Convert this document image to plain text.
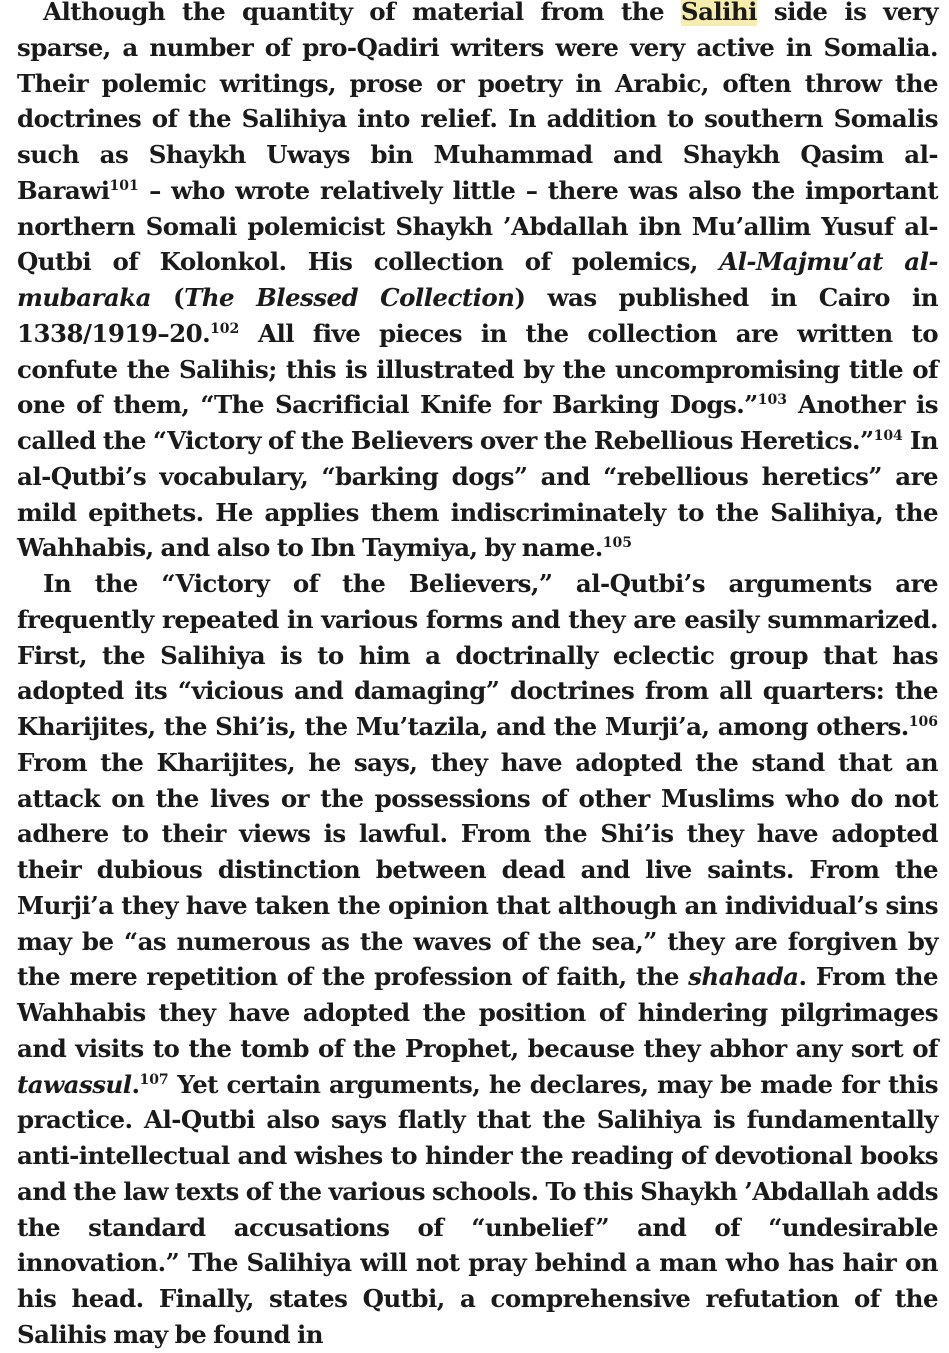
Although the quantity of material from the Salihi side is very sparse, a number of pro-Qadiri writers were very active in Somalia. Their polemic writings, prose or poetry in Arabic, often throw the doctrines of the Salihiya into relief. In addition to southern Somalis such as Shaykh Uways bin Muhammad and Shaykh Qasim al-Barawi$^{101}$ – who wrote relatively little – there was also the important northern Somali polemicist Shaykh ’Abdallah ibn Mu’allim Yusuf al-Qutbi of Kolonkol. His collection of polemics, Al-Majmu’at al-mubaraka (The Blessed Collection) was published in Cairo in 1338/1919–20.$^{102}$ All five pieces in the collection are written to confute the Salihis; this is illustrated by the uncompromising title of one of them, “The Sacrificial Knife for Barking Dogs.”$^{103}$ Another is called the “Victory of the Believers over the Rebellious Heretics.”$^{104}$ In al-Qutbi’s vocabulary, “barking dogs” and “rebellious heretics” are mild epithets. He applies them indiscriminately to the Salihiya, the Wahhabis, and also to Ibn Taymiya, by name.$^{105}$

In the “Victory of the Believers,” al-Qutbi’s arguments are frequently repeated in various forms and they are easily summarized. First, the Salihiya is to him a doctrinally eclectic group that has adopted its “vicious and damaging” doctrines from all quarters: the Kharijites, the Shi’is, the Mu’tazila, and the Murji’a, among others.$^{106}$ From the Kharijites, he says, they have adopted the stand that an attack on the lives or the possessions of other Muslims who do not adhere to their views is lawful. From the Shi’is they have adopted their dubious distinction between dead and live saints. From the Murji’a they have taken the opinion that although an individual’s sins may be “as numerous as the waves of the sea,” they are forgiven by the mere repetition of the profession of faith, the shahada. From the Wahhabis they have adopted the position of hindering pilgrimages and visits to the tomb of the Prophet, because they abhor any sort of tawassul.$^{107}$ Yet certain arguments, he declares, may be made for this practice. Al-Qutbi also says flatly that the Salihiya is fundamentally anti-intellectual and wishes to hinder the reading of devotional books and the law texts of the various schools. To this Shaykh ’Abdallah adds the standard accusations of “unbelief” and of “undesirable innovation.” The Salihiya will not pray behind a man who has hair on his head. Finally, states Qutbi, a comprehensive refutation of the Salihis may be found in
